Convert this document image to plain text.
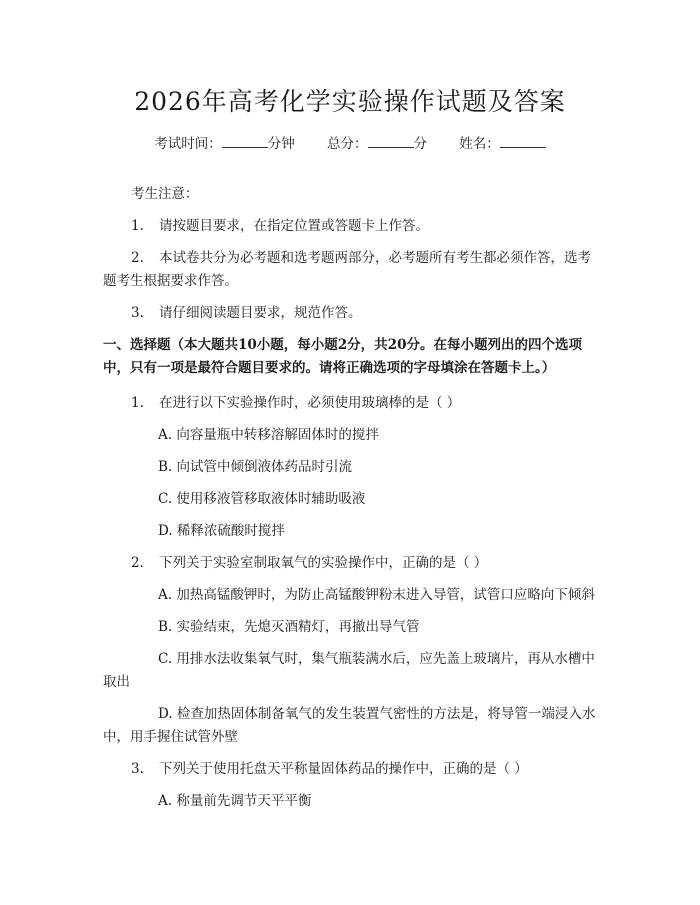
2026年高考化学实验操作试题及答案
考试时间：	分钟 总分：	分 姓名：

考生注意：

1. 请按题目要求，在指定位置或答题卡上作答。

2. 本试卷共分为必考题和选考题两部分，必考题所有考生都必须作答，选考题考生根据要求作答。

3. 请仔细阅读题目要求，规范作答。

一、选择题（本大题共10小题，每小题2分，共20分。在每小题列出的四个选项中，只有一项是最符合题目要求的。请将正确选项的字母填涂在答题卡上。）

1. 在进行以下实验操作时，必须使用玻璃棒的是（ ）

A. 向容量瓶中转移溶解固体时的搅拌

B. 向试管中倾倒液体药品时引流

C. 使用移液管移取液体时辅助吸液

D. 稀释浓硫酸时搅拌

2. 下列关于实验室制取氧气的实验操作中，正确的是（ ）

A. 加热高锰酸钾时，为防止高锰酸钾粉末进入导管，试管口应略向下倾斜

B. 实验结束，先熄灭酒精灯，再撤出导气管

C. 用排水法收集氧气时，集气瓶装满水后，应先盖上玻璃片，再从水槽中取出

D. 检查加热固体制备氧气的发生装置气密性的方法是，将导管一端浸入水中，用手握住试管外壁

3. 下列关于使用托盘天平称量固体药品的操作中，正确的是（ ）

A. 称量前先调节天平平衡
